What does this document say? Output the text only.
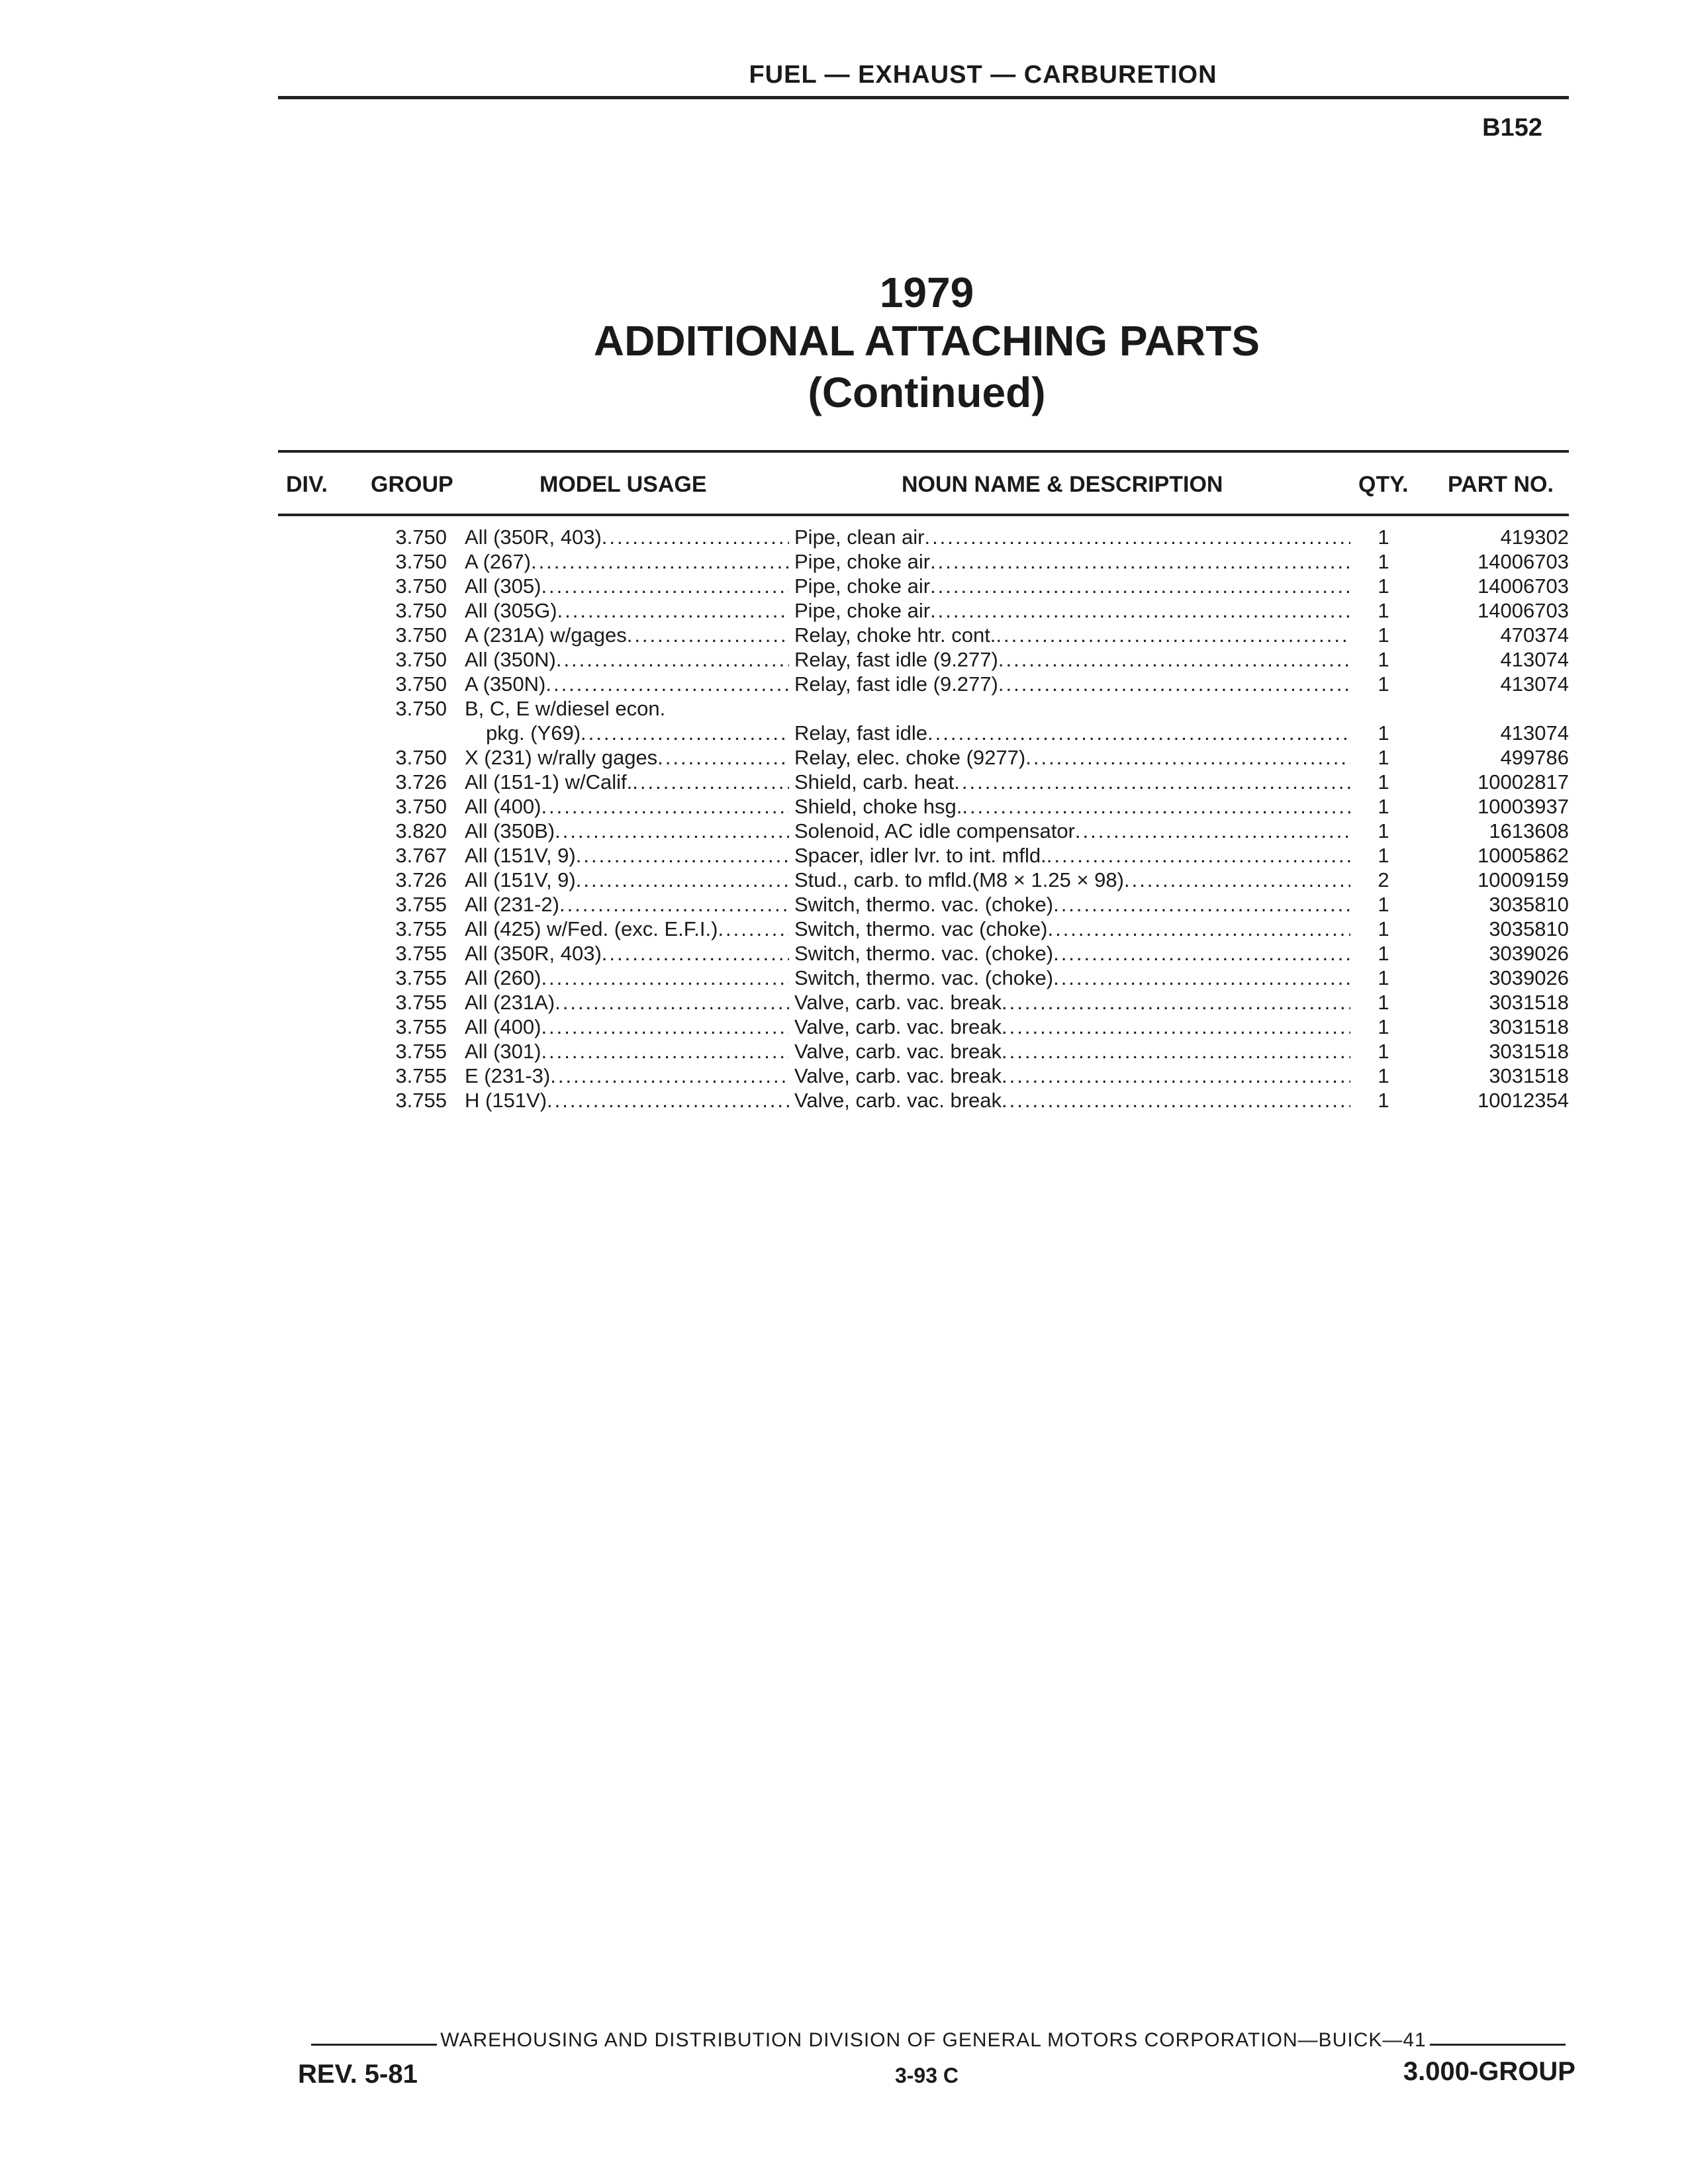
FUEL — EXHAUST — CARBURETION
B152
1979
ADDITIONAL ATTACHING PARTS
(Continued)
DIV. GROUP	MODEL USAGE	NOUN NAME & DESCRIPTION	QTY. PART NO.
3.750 All (350R, 403) .....	Pipe, clean air .....	1	419302
3.750 A (267) .....	Pipe, choke air .....	1	14006703
3.750 All (305) .....	Pipe, choke air .....	1	14006703
3.750 All (305G) .....	Pipe, choke air .....	1	14006703
3.750 A (231A) w/gages .....	Relay, choke htr. cont. .....	1	470374
3.750 All (350N) .....	Relay, fast idle (9.277) .....	1	413074
3.750 A (350N) .....	Relay, fast idle (9.277) .....	1	413074
3.750 B, C, E w/diesel econ.
pkg. (Y69) .....	Relay, fast idle .....	1	413074
3.750 X (231) w/rally gages .....	Relay, elec. choke (9277) .....	1	499786
3.726 All (151-1) w/Calif. .....	Shield, carb. heat .....	1	10002817
3.750 All (400) .....	Shield, choke hsg. .....	1	10003937
3.820 All (350B) .....	Solenoid, AC idle compensator .....	1	1613608
3.767 All (151V, 9) .....	Spacer, idler lvr. to int. mfld. .....	1	10005862
3.726 All (151V, 9) .....	Stud., carb. to mfld.(M8 × 1.25 × 98) .....	2	10009159
3.755 All (231-2) .....	Switch, thermo. vac. (choke) .....	1	3035810
3.755 All (425) w/Fed. (exc. E.F.I.) .....	Switch, thermo. vac (choke) .....	1	3035810
3.755 All (350R, 403) .....	Switch, thermo. vac. (choke) .....	1	3039026
3.755 All (260) .....	Switch, thermo. vac. (choke) .....	1	3039026
3.755 All (231A) .....	Valve, carb. vac. break .....	1	3031518
3.755 All (400) .....	Valve, carb. vac. break .....	1	3031518
3.755 All (301) .....	Valve, carb. vac. break .....	1	3031518
3.755 E (231-3) .....	Valve, carb. vac. break .....	1	3031518
3.755 H (151V) .....	Valve, carb. vac. break .....	1	10012354
WAREHOUSING AND DISTRIBUTION DIVISION OF GENERAL MOTORS CORPORATION—BUICK—41
REV. 5-81	3-93 C	3.000-GROUP
